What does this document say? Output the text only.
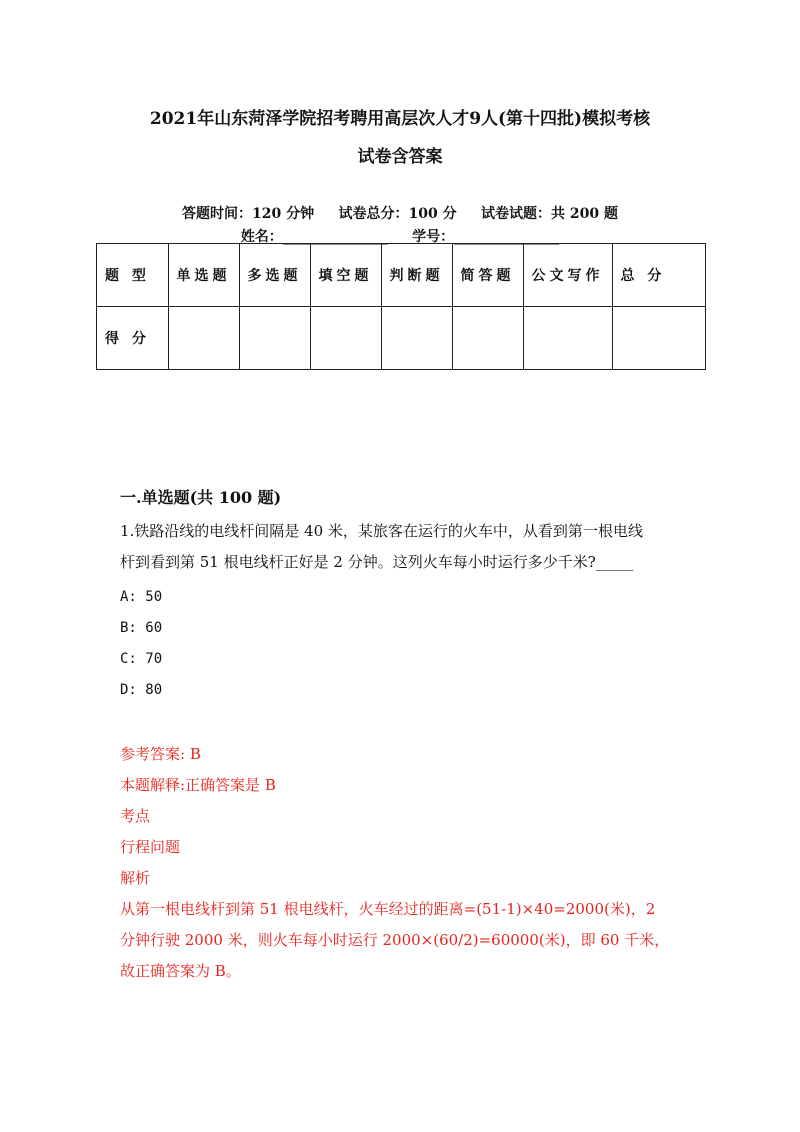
2021年山东菏泽学院招考聘用高层次人才9人(第十四批)模拟考核
试卷含答案
答题时间：120 分钟     试卷总分：100 分     试卷试题：共 200 题
姓名：_______________     学号：_______________
题 型	单选题	多选题	填空题	判断题	简答题	公文写作	总 分
得 分							
一.单选题(共 100 题)
1.铁路沿线的电线杆间隔是 40 米，某旅客在运行的火车中，从看到第一根电线
杆到看到第 51 根电线杆正好是 2 分钟。这列火车每小时运行多少千米?_____
A: 50
B: 60
C: 70
D: 80
参考答案: B
本题解释:正确答案是 B
考点
行程问题
解析
从第一根电线杆到第 51 根电线杆，火车经过的距离=(51-1)×40=2000(米)，2
分钟行驶 2000 米，则火车每小时运行 2000×(60/2)=60000(米)，即 60 千米，
故正确答案为 B。
